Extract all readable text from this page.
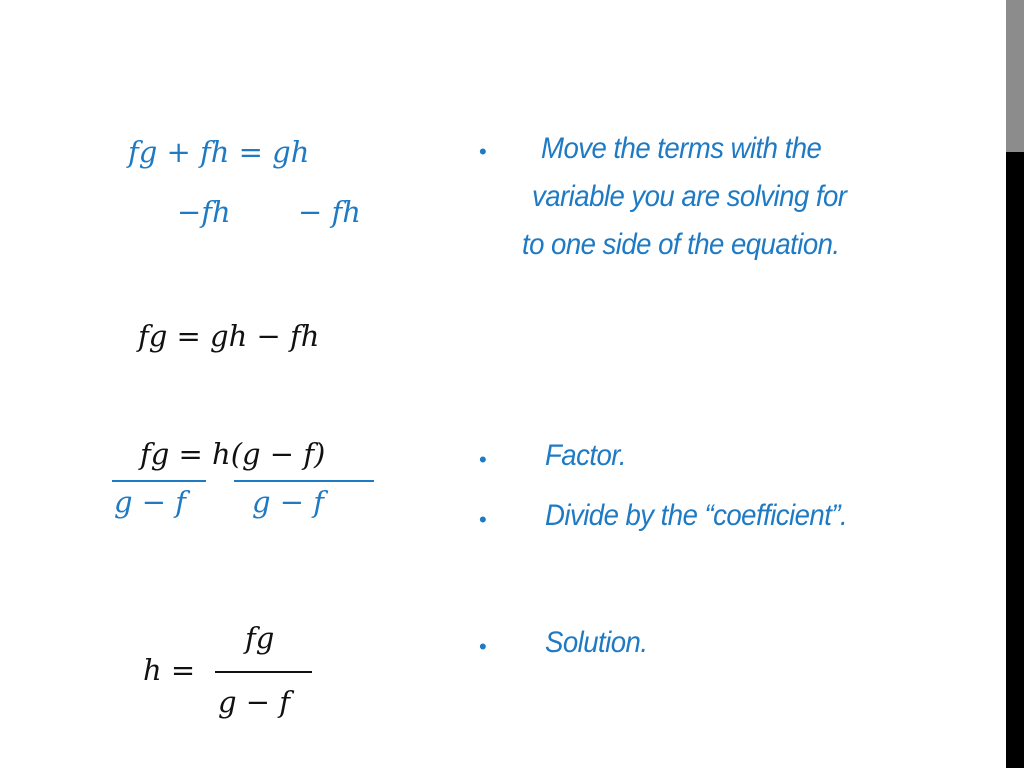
fg + fh = gh
−fh − fh
fg = gh − fh
fg = h(g − f)
g − f g − f
h =
fg
g − f
• Move the terms with the
variable you are solving for
to one side of the equation.
• Factor.
• Divide by the “coefficient”.
• Solution.
